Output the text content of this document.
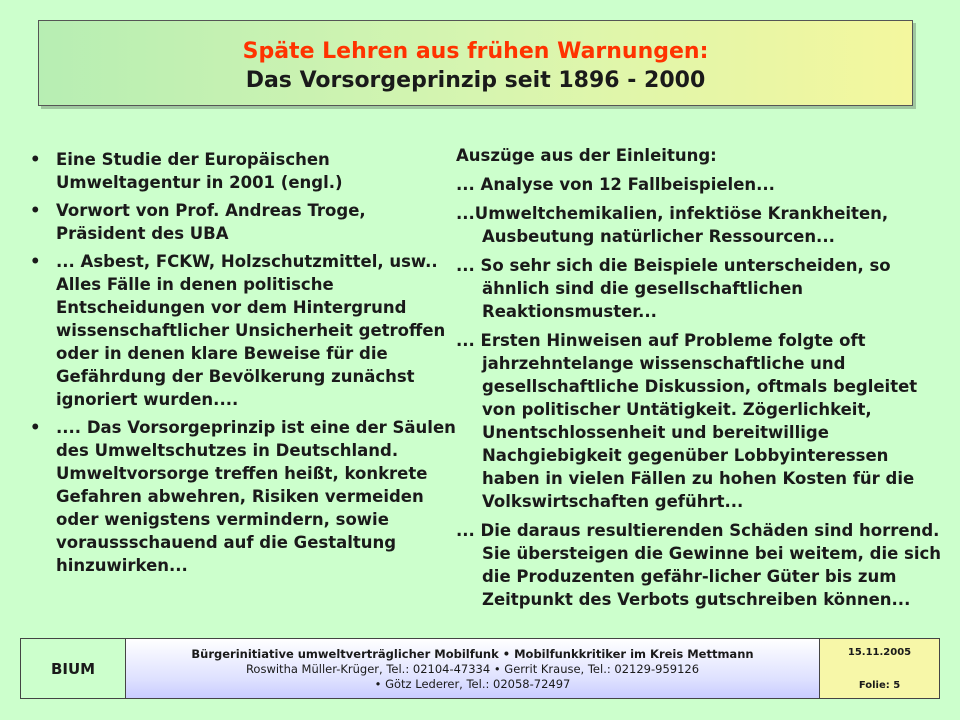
Späte Lehren aus frühen Warnungen:
Das Vorsorgeprinzip seit 1896 - 2000
• Eine Studie der Europäischen Umweltagentur in 2001 (engl.)
• Vorwort von Prof. Andreas Troge, Präsident des UBA
• ... Asbest, FCKW, Holzschutzmittel, usw.. Alles Fälle in denen politische Entscheidungen vor dem Hintergrund wissenschaftlicher Unsicherheit getroffen oder in denen klare Beweise für die Gefährdung der Bevölkerung zunächst ignoriert wurden....
• .... Das Vorsorgeprinzip ist eine der Säulen des Umweltschutzes in Deutschland. Umweltvorsorge treffen heißt, konkrete Gefahren abwehren, Risiken vermeiden oder wenigstens vermindern, sowie voraussschauend auf die Gestaltung hinzuwirken...

Auszüge aus der Einleitung:

... Analyse von 12 Fallbeispielen...

...Umweltchemikalien, infektiöse Krankheiten, Ausbeutung natürlicher Ressourcen...

... So sehr sich die Beispiele unterscheiden, so ähnlich sind die gesellschaftlichen Reaktionsmuster...

... Ersten Hinweisen auf Probleme folgte oft jahrzehntelange wissenschaftliche und gesellschaftliche Diskussion, oftmals begleitet von politischer Untätigkeit. Zögerlichkeit, Unentschlossenheit und bereitwillige Nachgiebigkeit gegenüber Lobbyinteressen haben in vielen Fällen zu hohen Kosten für die Volkswirtschaften geführt...

... Die daraus resultierenden Schäden sind horrend. Sie übersteigen die Gewinne bei weitem, die sich die Produzenten gefähr-licher Güter bis zum Zeitpunkt des Verbots gutschreiben können...

BIUM
Bürgerinitiative umweltverträglicher Mobilfunk • Mobilfunkkritiker im Kreis Mettmann
Roswitha Müller-Krüger, Tel.: 02104-47334 • Gerrit Krause, Tel.: 02129-959126
• Götz Lederer, Tel.: 02058-72497
15.11.2005
Folie: 5
